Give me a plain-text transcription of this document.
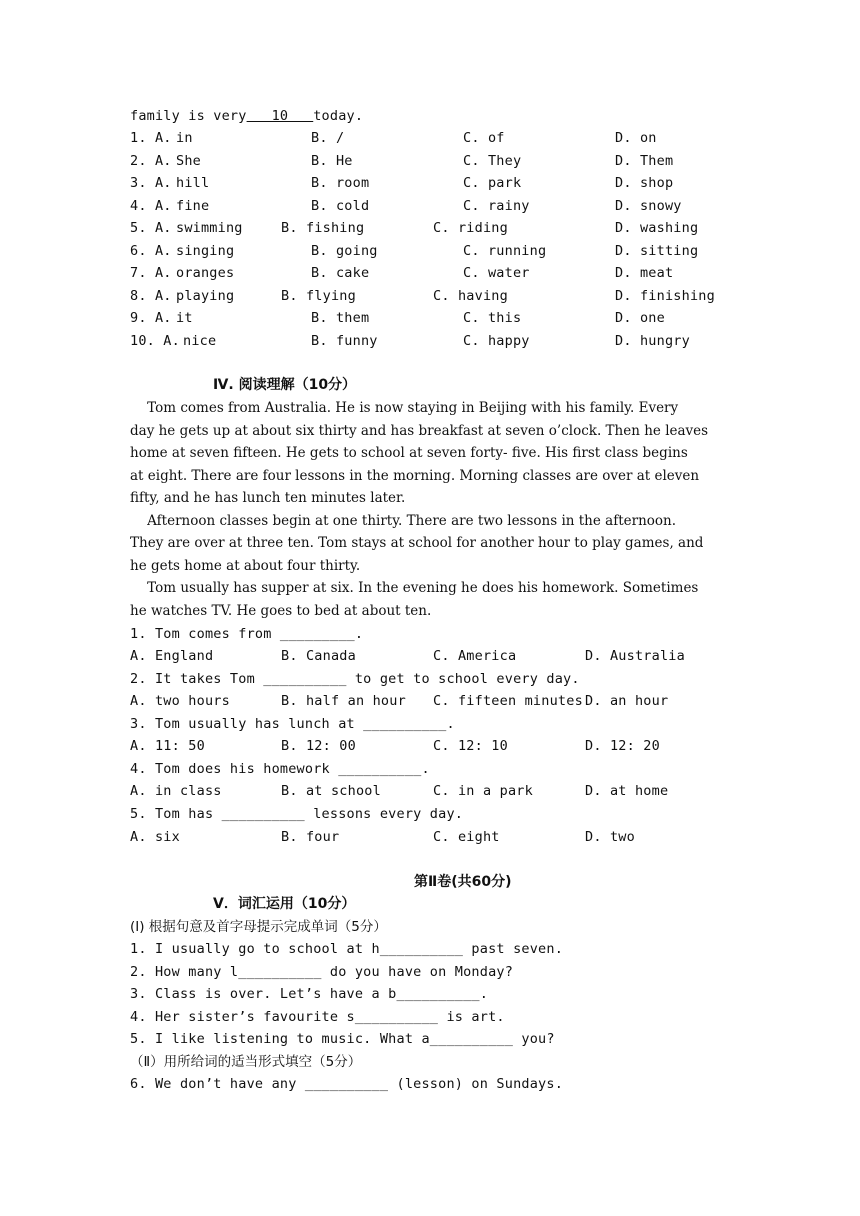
family is very   10   today.
1. A. in	B. /	C. of	D. on
2. A. She	B. He	C. They	D. Them
3. A. hill	B. room	C. park	D. shop
4. A. fine	B. cold	C. rainy	D. snowy
5. A. swimming	B. fishing	C. riding	D. washing
6. A. singing	B. going	C. running	D. sitting
7. A. oranges	B. cake	C. water	D. meat
8. A. playing	B. flying	C. having	D. finishing
9. A. it	B. them	C. this	D. one
10. A. nice	B. funny	C. happy	D. hungry
Ⅳ. 阅读理解（10分）
Tom comes from Australia. He is now staying in Beijing with his family. Every
day he gets up at about six thirty and has breakfast at seven o’clock. Then he leaves
home at seven fifteen. He gets to school at seven forty- five. His first class begins
at eight. There are four lessons in the morning. Morning classes are over at eleven
fifty, and he has lunch ten minutes later.
Afternoon classes begin at one thirty. There are two lessons in the afternoon.
They are over at three ten. Tom stays at school for another hour to play games, and
he gets home at about four thirty.
Tom usually has supper at six. In the evening he does his homework. Sometimes
he watches TV. He goes to bed at about ten.
1. Tom comes from _________.
A. England	B. Canada	C. America	D. Australia
2. It takes Tom __________ to get to school every day.
A. two hours	B. half an hour C. fifteen minutes D. an hour
3. Tom usually has lunch at __________.
A. 11: 50	B. 12: 00	C. 12: 10	D. 12: 20
4. Tom does his homework __________.
A. in class	B. at school	C. in a park	D. at home
5. Tom has __________ lessons every day.
A. six	B. four	C. eight	D. two
第Ⅱ卷(共60分)
V．词汇运用（10分）
(Ⅰ) 根据句意及首字母提示完成单词（5分）
1. I usually go to school at h__________ past seven.
2. How many l__________ do you have on Monday?
3. Class is over. Let’s have a b__________.
4. Her sister’s favourite s__________ is art.
5. I like listening to music. What a__________ you?
（Ⅱ）用所给词的适当形式填空（5分）
6. We don’t have any __________ (lesson) on Sundays.
